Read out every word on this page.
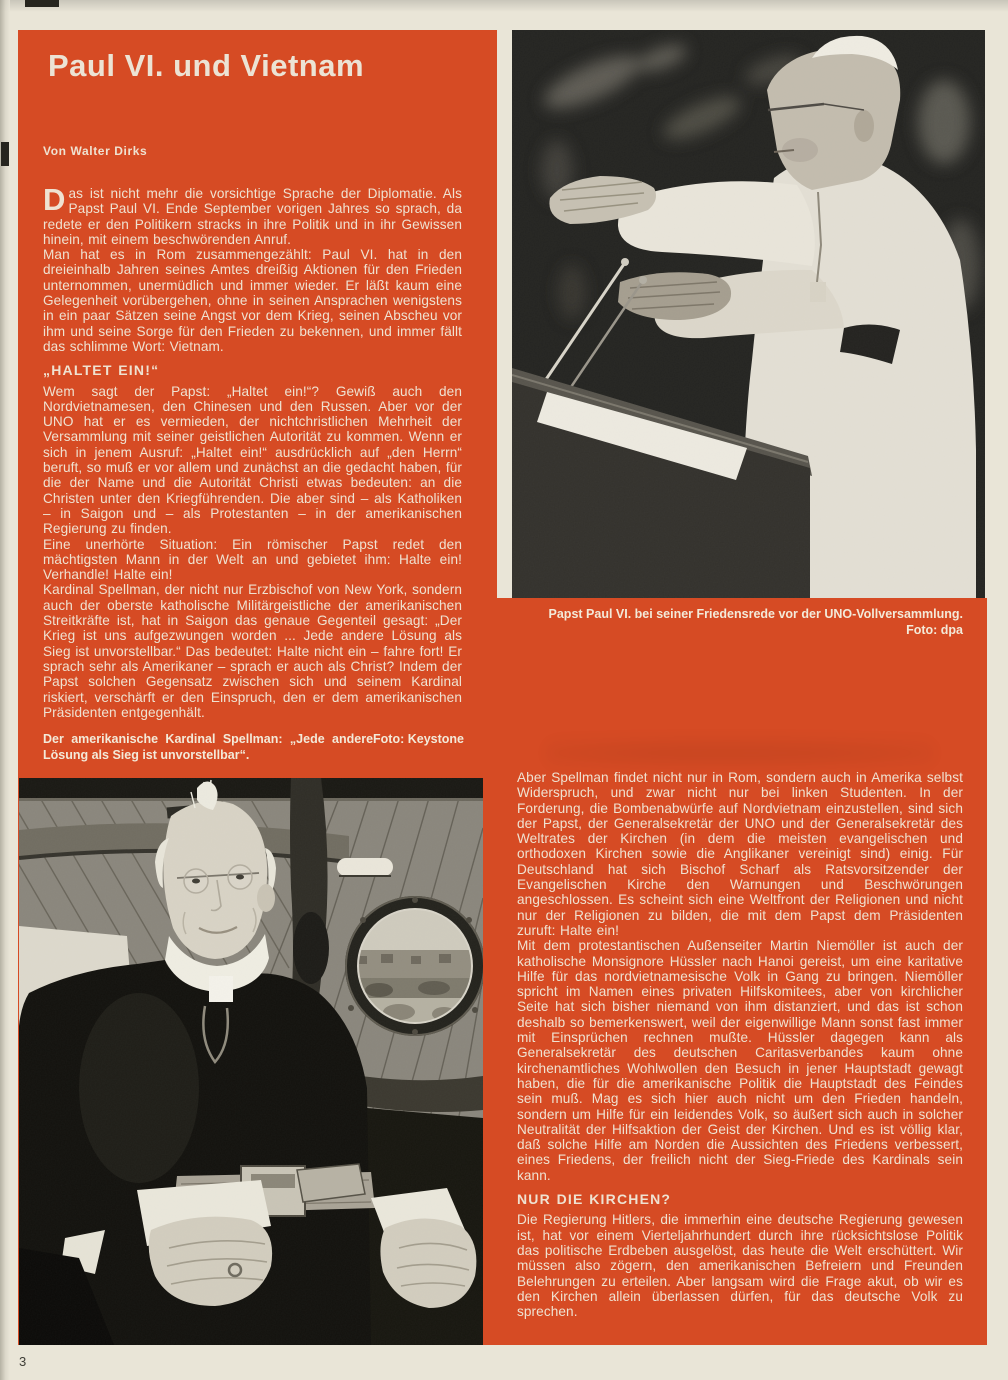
Paul VI. und Vietnam
Von Walter Dirks

Das ist nicht mehr die vorsichtige Sprache der Diplomatie. Als Papst Paul VI. Ende September vorigen Jahres so sprach, da redete er den Politikern stracks in ihre Politik und in ihr Gewissen hinein, mit einem beschwörenden Anruf.

Man hat es in Rom zusammengezählt: Paul VI. hat in den dreieinhalb Jahren seines Amtes dreißig Aktionen für den Frieden unternommen, unermüdlich und immer wieder. Er läßt kaum eine Gelegenheit vorübergehen, ohne in seinen Ansprachen wenigstens in ein paar Sätzen seine Angst vor dem Krieg, seinen Abscheu vor ihm und seine Sorge für den Frieden zu bekennen, und immer fällt das schlimme Wort: Vietnam.

„HALTET EIN!“

Wem sagt der Papst: „Haltet ein!“? Gewiß auch den Nordvietnamesen, den Chinesen und den Russen. Aber vor der UNO hat er es vermieden, der nichtchristlichen Mehrheit der Versammlung mit seiner geistlichen Autorität zu kommen. Wenn er sich in jenem Ausruf: „Haltet ein!“ ausdrücklich auf „den Herrn“ beruft, so muß er vor allem und zunächst an die gedacht haben, für die der Name und die Autorität Christi etwas bedeuten: an die Christen unter den Kriegführenden. Die aber sind – als Katholiken – in Saigon und – als Protestanten – in der amerikanischen Regierung zu finden.

Eine unerhörte Situation: Ein römischer Papst redet den mächtigsten Mann in der Welt an und gebietet ihm: Halte ein! Verhandle! Halte ein!

Kardinal Spellman, der nicht nur Erzbischof von New York, sondern auch der oberste katholische Militärgeistliche der amerikanischen Streitkräfte ist, hat in Saigon das genaue Gegenteil gesagt: „Der Krieg ist uns aufgezwungen worden ... Jede andere Lösung als Sieg ist unvorstellbar.“ Das bedeutet: Halte nicht ein – fahre fort! Er sprach sehr als Amerikaner – sprach er auch als Christ? Indem der Papst solchen Gegensatz zwischen sich und seinem Kardinal riskiert, verschärft er den Einspruch, den er dem amerikanischen Präsidenten entgegenhält.

Foto: Keystone
Der amerikanische Kardinal Spellman: „Jede andere Lösung als Sieg ist unvorstellbar“.
Papst Paul VI. bei seiner Friedensrede vor der UNO-Vollversammlung.
Foto: dpa

Aber Spellman findet nicht nur in Rom, sondern auch in Amerika selbst Widerspruch, und zwar nicht nur bei linken Studenten. In der Forderung, die Bombenabwürfe auf Nordvietnam einzustellen, sind sich der Papst, der Generalsekretär der UNO und der Generalsekretär des Weltrates der Kirchen (in dem die meisten evangelischen und orthodoxen Kirchen sowie die Anglikaner vereinigt sind) einig. Für Deutschland hat sich Bischof Scharf als Ratsvorsitzender der Evangelischen Kirche den Warnungen und Beschwörungen angeschlossen. Es scheint sich eine Weltfront der Religionen und nicht nur der Religionen zu bilden, die mit dem Papst dem Präsidenten zuruft: Halte ein!

Mit dem protestantischen Außenseiter Martin Niemöller ist auch der katholische Monsignore Hüssler nach Hanoi gereist, um eine karitative Hilfe für das nordvietnamesische Volk in Gang zu bringen. Niemöller spricht im Namen eines privaten Hilfskomitees, aber von kirchlicher Seite hat sich bisher niemand von ihm distanziert, und das ist schon deshalb so bemerkenswert, weil der eigenwillige Mann sonst fast immer mit Einsprüchen rechnen mußte. Hüssler dagegen kann als Generalsekretär des deutschen Caritasverbandes kaum ohne kirchenamtliches Wohlwollen den Besuch in jener Hauptstadt gewagt haben, die für die amerikanische Politik die Hauptstadt des Feindes sein muß. Mag es sich hier auch nicht um den Frieden handeln, sondern um Hilfe für ein leidendes Volk, so äußert sich auch in solcher Neutralität der Hilfsaktion der Geist der Kirchen. Und es ist völlig klar, daß solche Hilfe am Norden die Aussichten des Friedens verbessert, eines Friedens, der freilich nicht der Sieg-Friede des Kardinals sein kann.

NUR DIE KIRCHEN?

Die Regierung Hitlers, die immerhin eine deutsche Regierung gewesen ist, hat vor einem Vierteljahrhundert durch ihre rücksichtslose Politik das politische Erdbeben ausgelöst, das heute die Welt erschüttert. Wir müssen also zögern, den amerikanischen Befreiern und Freunden Belehrungen zu erteilen. Aber langsam wird die Frage akut, ob wir es den Kirchen allein überlassen dürfen, für das deutsche Volk zu sprechen.

3
